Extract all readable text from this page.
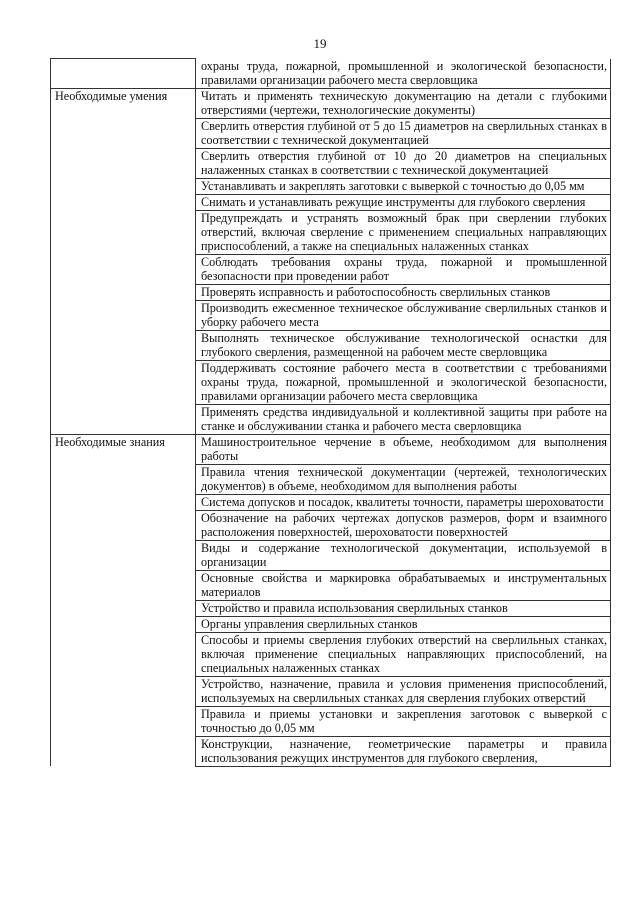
19
	охраны труда, пожарной, промышленной и экологической безопасности, правилами организации рабочего места сверловщика
Необходимые умения	Читать и применять техническую документацию на детали с глубокими отверстиями (чертежи, технологические документы)
	Сверлить отверстия глубиной от 5 до 15 диаметров на сверлильных станках в соответствии с технической документацией
	Сверлить отверстия глубиной от 10 до 20 диаметров на специальных налаженных станках в соответствии с технической документацией
	Устанавливать и закреплять заготовки с выверкой с точностью до 0,05 мм
	Снимать и устанавливать режущие инструменты для глубокого сверления
	Предупреждать и устранять возможный брак при сверлении глубоких отверстий, включая сверление с применением специальных направляющих приспособлений, а также на специальных налаженных станках
	Соблюдать требования охраны труда, пожарной и промышленной безопасности при проведении работ
	Проверять исправность и работоспособность сверлильных станков
	Производить ежесменное техническое обслуживание сверлильных станков и уборку рабочего места
	Выполнять техническое обслуживание технологической оснастки для глубокого сверления, размещенной на рабочем месте сверловщика
	Поддерживать состояние рабочего места в соответствии с требованиями охраны труда, пожарной, промышленной и экологической безопасности, правилами организации рабочего места сверловщика
	Применять средства индивидуальной и коллективной защиты при работе на станке и обслуживании станка и рабочего места сверловщика
Необходимые знания	Машиностроительное черчение в объеме, необходимом для выполнения работы
	Правила чтения технической документации (чертежей, технологических документов) в объеме, необходимом для выполнения работы
	Система допусков и посадок, квалитеты точности, параметры шероховатости
	Обозначение на рабочих чертежах допусков размеров, форм и взаимного расположения поверхностей, шероховатости поверхностей
	Виды и содержание технологической документации, используемой в организации
	Основные свойства и маркировка обрабатываемых и инструментальных материалов
	Устройство и правила использования сверлильных станков
	Органы управления сверлильных станков
	Способы и приемы сверления глубоких отверстий на сверлильных станках, включая применение специальных направляющих приспособлений, на специальных налаженных станках
	Устройство, назначение, правила и условия применения приспособлений, используемых на сверлильных станках для сверления глубоких отверстий
	Правила и приемы установки и закрепления заготовок с выверкой с точностью до 0,05 мм
	Конструкции, назначение, геометрические параметры и правила использования режущих инструментов для глубокого сверления,
